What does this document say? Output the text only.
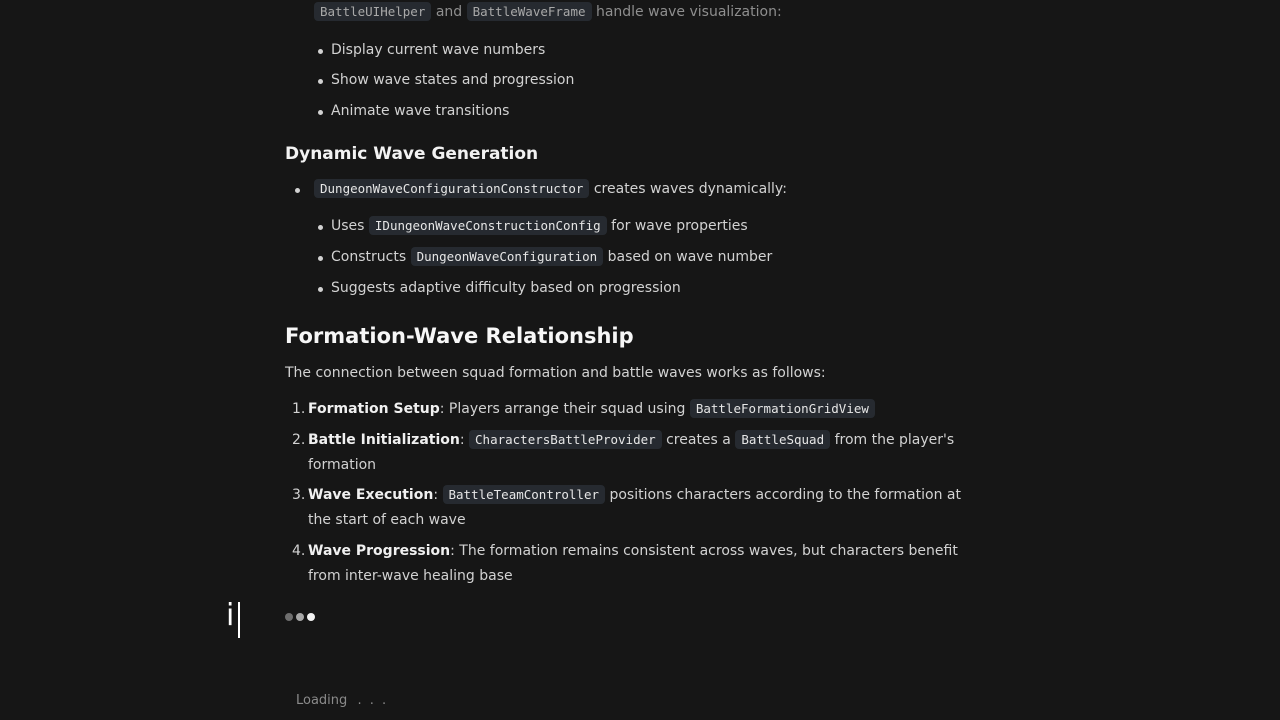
BattleUIHelper and BattleWaveFrame handle wave visualization:
Display current wave numbers
Show wave states and progression
Animate wave transitions
Dynamic Wave Generation
DungeonWaveConfigurationConstructor creates waves dynamically:
Uses IDungeonWaveConstructionConfig for wave properties
Constructs DungeonWaveConfiguration based on wave number
Suggests adaptive difficulty based on progression
Formation-Wave Relationship
The connection between squad formation and battle waves works as follows:
1. Formation Setup: Players arrange their squad using BattleFormationGridView
2. Battle Initialization: CharactersBattleProvider creates a BattleSquad from the player's
formation
3. Wave Execution: BattleTeamController positions characters according to the formation at
the start of each wave
4. Wave Progression: The formation remains consistent across waves, but characters benefit
from inter-wave healing base
i
Loading . . .
